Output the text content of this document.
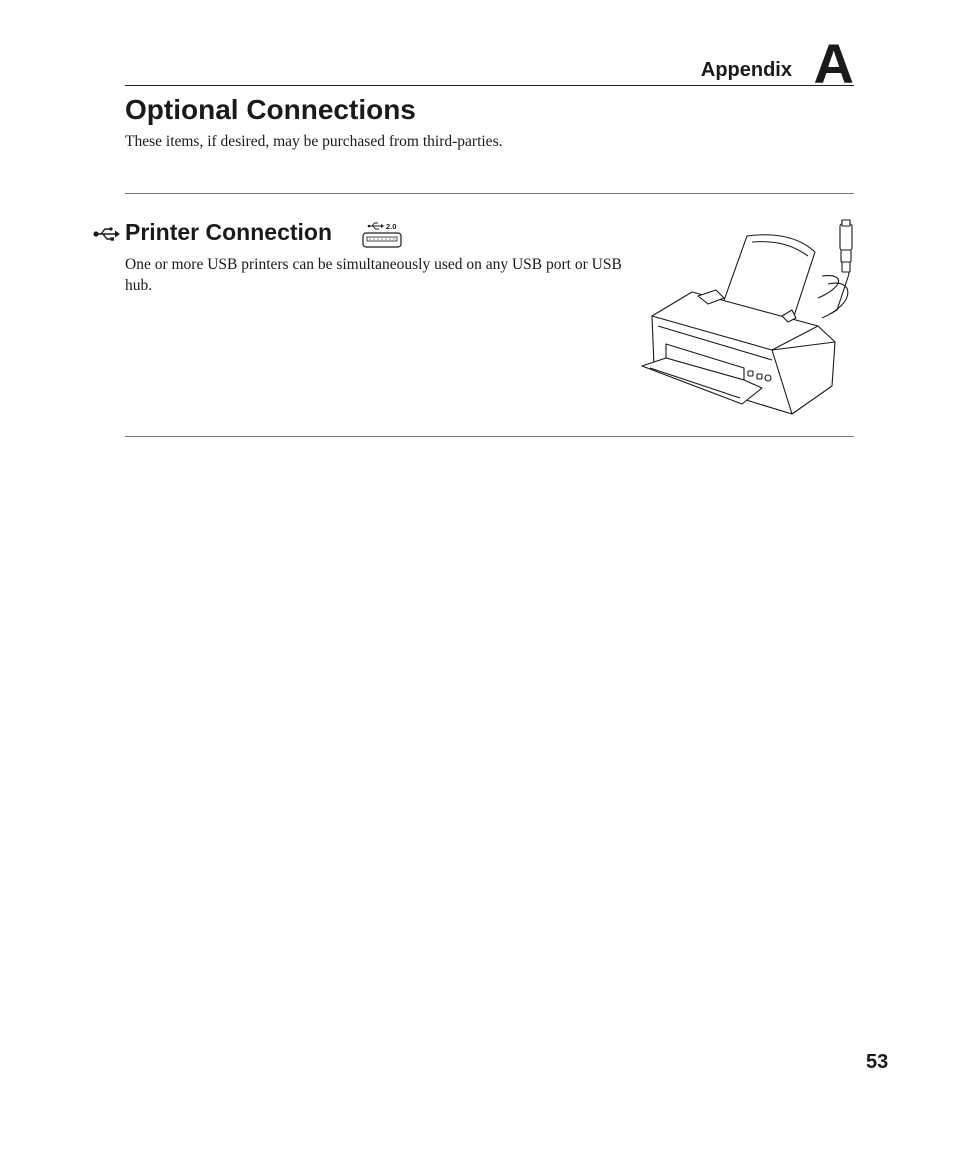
Appendix A
Optional Connections

These items, if desired, may be purchased from third-parties.

Printer Connection	2.0

One or more USB printers can be simultaneously used on any USB port or USB hub.

53
